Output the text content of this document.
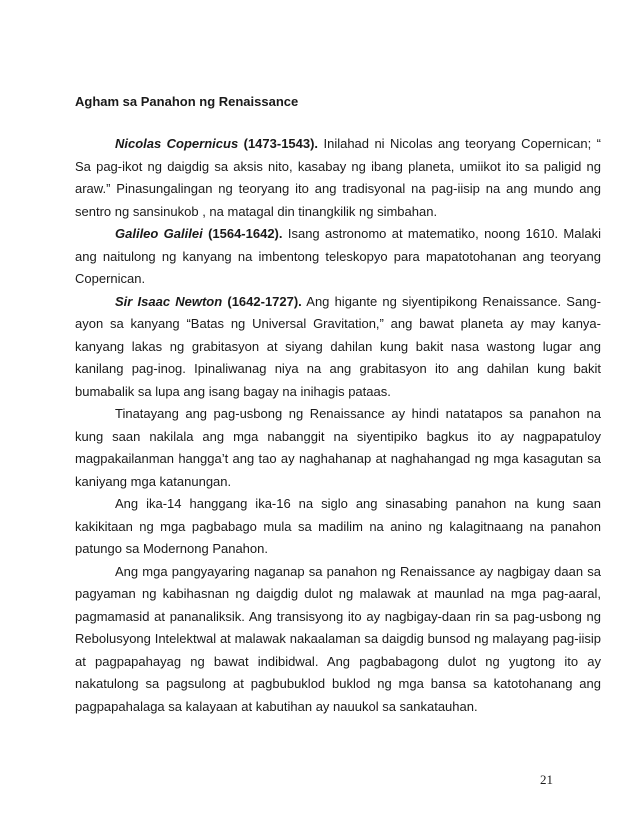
Agham sa Panahon ng Renaissance

Nicolas Copernicus (1473-1543). Inilahad ni Nicolas ang teoryang Copernican; “ Sa pag-ikot ng daigdig sa aksis nito, kasabay ng ibang planeta, umiikot ito sa paligid ng araw.” Pinasungalingan ng teoryang ito ang tradisyonal na pag-iisip na ang mundo ang sentro ng sansinukob , na matagal din tinangkilik ng simbahan.

Galileo Galilei (1564-1642). Isang astronomo at matematiko, noong 1610. Malaki ang naitulong ng kanyang na imbentong teleskopyo para mapatotohanan ang teoryang Copernican.

Sir Isaac Newton (1642-1727). Ang higante ng siyentipikong Renaissance. Sang-ayon sa kanyang “Batas ng Universal Gravitation,” ang bawat planeta ay may kanya-kanyang lakas ng grabitasyon at siyang dahilan kung bakit nasa wastong lugar ang kanilang pag-inog. Ipinaliwanag niya na ang grabitasyon ito ang dahilan kung bakit bumabalik sa lupa ang isang bagay na inihagis pataas.

Tinatayang ang pag-usbong ng Renaissance ay hindi natatapos sa panahon na kung saan nakilala ang mga nabanggit na siyentipiko bagkus ito ay nagpapatuloy magpakailanman hangga’t ang tao ay naghahanap at naghahangad ng mga kasagutan sa kaniyang mga katanungan.

Ang ika-14 hanggang ika-16 na siglo ang sinasabing panahon na kung saan kakikitaan ng mga pagbabago mula sa madilim na anino ng kalagitnaang na panahon patungo sa Modernong Panahon.

Ang mga pangyayaring naganap sa panahon ng Renaissance ay nagbigay daan sa pagyaman ng kabihasnan ng daigdig dulot ng malawak at maunlad na mga pag-aaral, pagmamasid at pananaliksik. Ang transisyong ito ay nagbigay-daan rin sa pag-usbong ng Rebolusyong Intelektwal at malawak nakaalaman sa daigdig bunsod ng malayang pag-iisip at pagpapahayag ng bawat indibidwal. Ang pagbabagong dulot ng yugtong ito ay nakatulong sa pagsulong at pagbubuklod buklod ng mga bansa sa katotohanang ang pagpapahalaga sa kalayaan at kabutihan ay nauukol sa sankatauhan.

21
